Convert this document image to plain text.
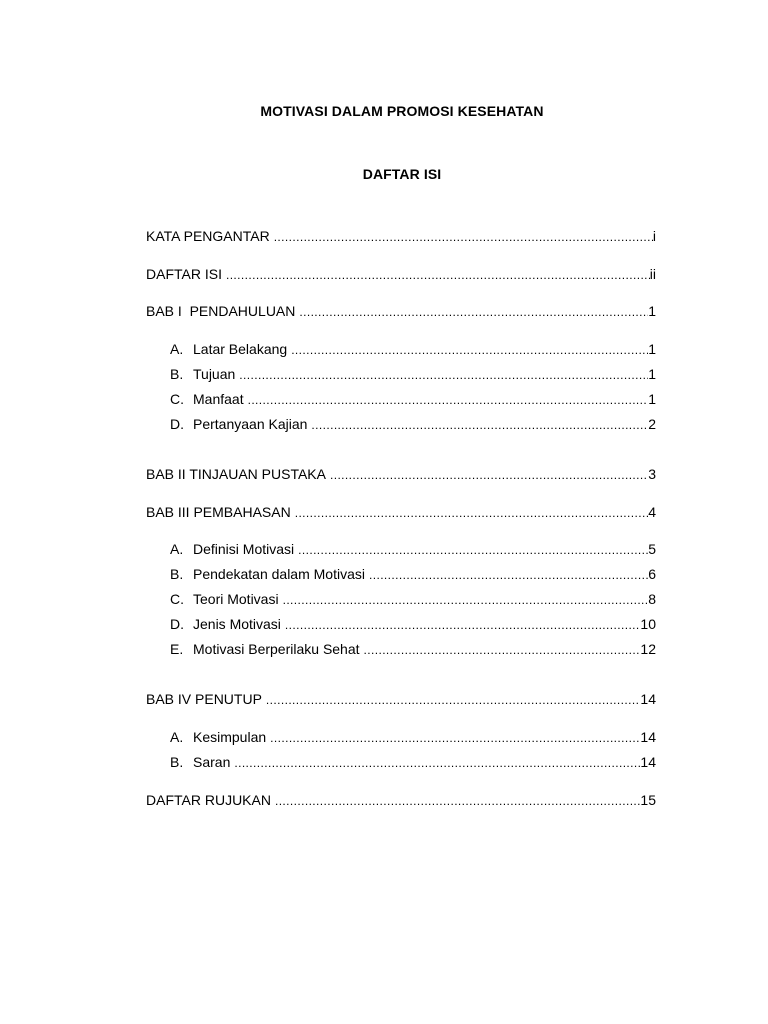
MOTIVASI DALAM PROMOSI KESEHATAN
DAFTAR ISI
KATA PENGANTAR .....	i
DAFTAR ISI .....	ii
BAB I  PENDAHULUAN .....	1
A. Latar Belakang .....	1
B. Tujuan .....	1
C. Manfaat .....	1
D. Pertanyaan Kajian .....	2
BAB II TINJAUAN PUSTAKA .....	3
BAB III PEMBAHASAN .....	4
A. Definisi Motivasi .....	5
B. Pendekatan dalam Motivasi .....	6
C. Teori Motivasi .....	8
D. Jenis Motivasi .....	10
E. Motivasi Berperilaku Sehat .....	12
BAB IV PENUTUP .....	14
A. Kesimpulan .....	14
B. Saran .....	14
DAFTAR RUJUKAN .....	15
